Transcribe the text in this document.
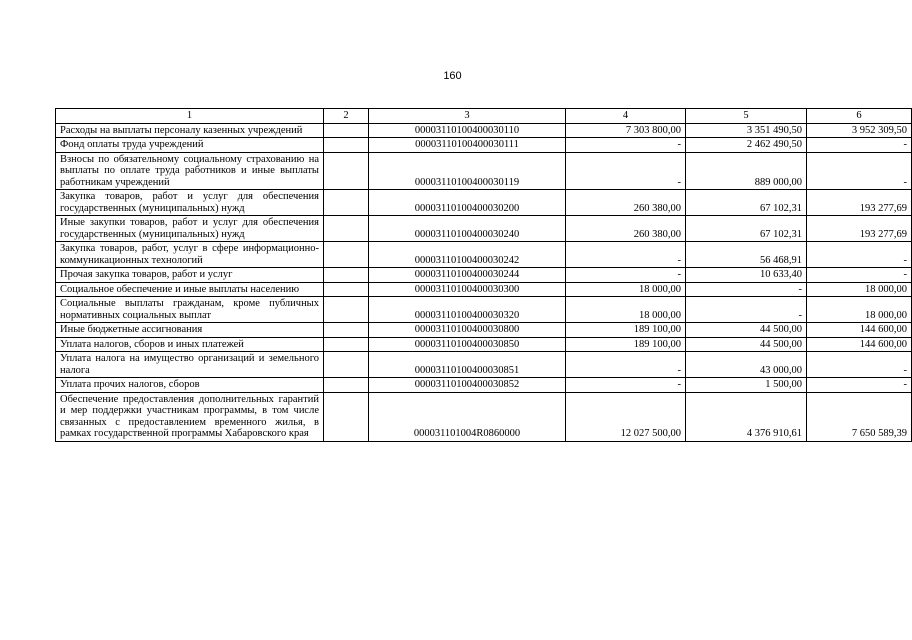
160
1	2	3	4	5	6
Расходы на выплаты персоналу казенных учреждений		00003110100400030110	7 303 800,00	3 351 490,50	3 952 309,50
Фонд оплаты труда учреждений		00003110100400030111	-	2 462 490,50	-
Взносы по обязательному социальному страхованию на выплаты по оплате труда работников и иные выплаты работникам учреждений		00003110100400030119	-	889 000,00	-
Закупка товаров, работ и услуг для обеспечения государственных (муниципальных) нужд		00003110100400030200	260 380,00	67 102,31	193 277,69
Иные закупки товаров, работ и услуг для обеспечения государственных (муниципальных) нужд		00003110100400030240	260 380,00	67 102,31	193 277,69
Закупка товаров, работ, услуг в сфере информационно-коммуникационных технологий		00003110100400030242	-	56 468,91	-
Прочая закупка товаров, работ и услуг		00003110100400030244	-	10 633,40	-
Социальное обеспечение и иные выплаты населению		00003110100400030300	18 000,00	-	18 000,00
Социальные выплаты гражданам, кроме публичных нормативных социальных выплат		00003110100400030320	18 000,00	-	18 000,00
Иные бюджетные ассигнования		00003110100400030800	189 100,00	44 500,00	144 600,00
Уплата налогов, сборов и иных платежей		00003110100400030850	189 100,00	44 500,00	144 600,00
Уплата налога на имущество организаций и земельного налога		00003110100400030851	-	43 000,00	-
Уплата прочих налогов, сборов		00003110100400030852	-	1 500,00	-
Обеспечение предоставления дополнительных гарантий и мер поддержки участникам программы, в том числе связанных с предоставлением временного жилья, в рамках государственной программы Хабаровского края		000031101004R0860000	12 027 500,00	4 376 910,61	7 650 589,39
